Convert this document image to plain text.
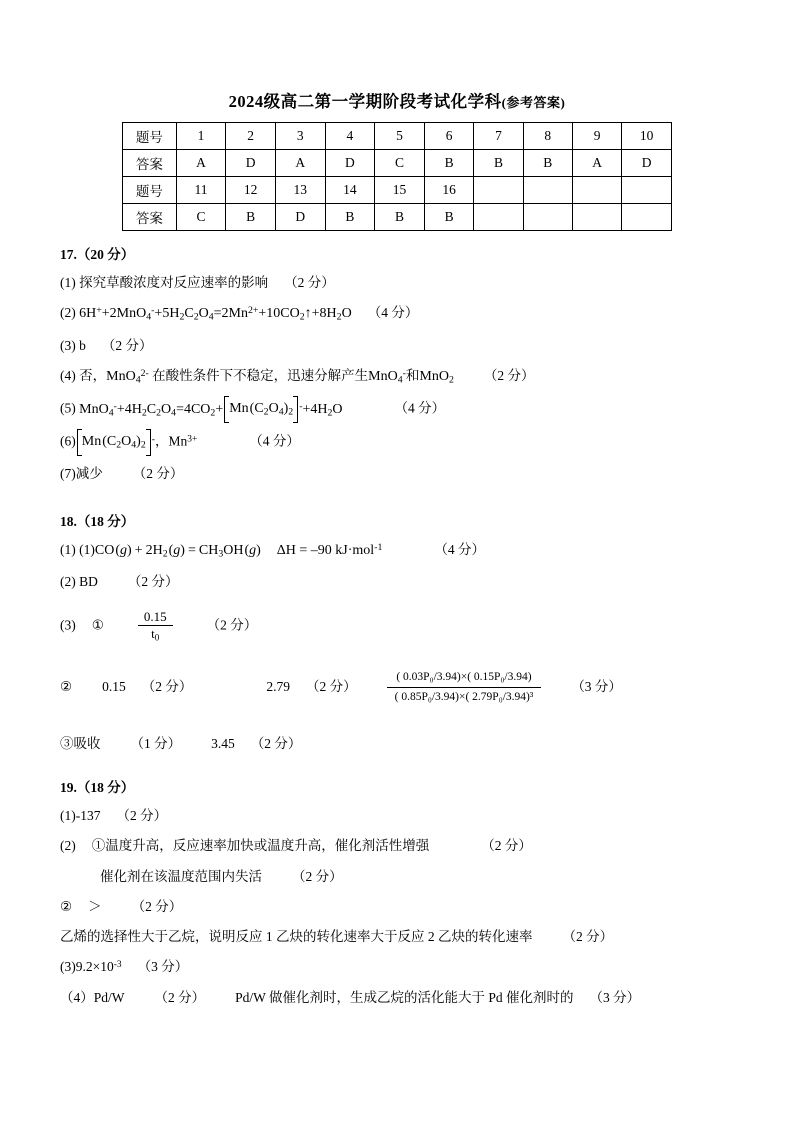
2024级高二第一学期阶段考试化学科(参考答案)
题号	1	2	3	4	5	6	7	8	9	10
答案	A	D	A	D	C	B	B	B	A	D
题号	11	12	13	14	15	16				
答案	C	B	D	B	B	B				
17.（20 分）
(1) 探究草酸浓度对反应速率的影响 （2 分）
(2) $6H^++2MnO_4^-+5H_2C_2O_4=2Mn^{2+}+10CO_2↑+8H_2O$ （4 分）
(3) b （2 分）
(4) 否，MnO$_4^{2-}$ 在酸性条件下不稳定，迅速分解产生MnO$_4$-和MnO$_2$ （2 分）
(5) $MnO_4^-+4H_2C_2O_4=4CO_2+ Mn(C_2O_4)_2^-+4H_2O$	（4 分）
(6) $Mn(C_2O_4)_2^-$，$Mn^{3+}$	（4 分）
(7)减少 （2 分）
18.（18 分）
(1) $(1)CO(g) + 2H_2(g) = CH_3OH(g) \Delta H = -90$ kJ·mol$^{-1}$	（4 分）
(2) BD （2 分）
(3) ①	$\frac{0.15}{t_0}$	（2 分）
② 0.15 （2 分）	2.79 （2 分）	$\frac{\text{( 0.03P₀/3.94)×( 0.15P₀/3.94)}}{\text{( 0.85P₀/3.94)×( 2.79P₀/3.94)³}} (3$ 分）
③吸收 （1 分） 3.45 （2 分）
19.（18 分）
(1)-137 （2 分）
(2) ①温度升高，反应速率加快或温度升高，催化剂活性增强	（2 分）
催化剂在该温度范围内失活 （2 分）
② ＞ （2 分）
乙烯的选择性大于乙烷，说明反应 1 乙炔的转化速率大于反应 2 乙炔的转化速率 （2 分）
$(3)9.2\times 10^{-3}$ （3 分）
（4）Pd/W （2 分） Pd/W 做催化剂时，生成乙烷的活化能大于 Pd 催化剂时的 （3 分）
